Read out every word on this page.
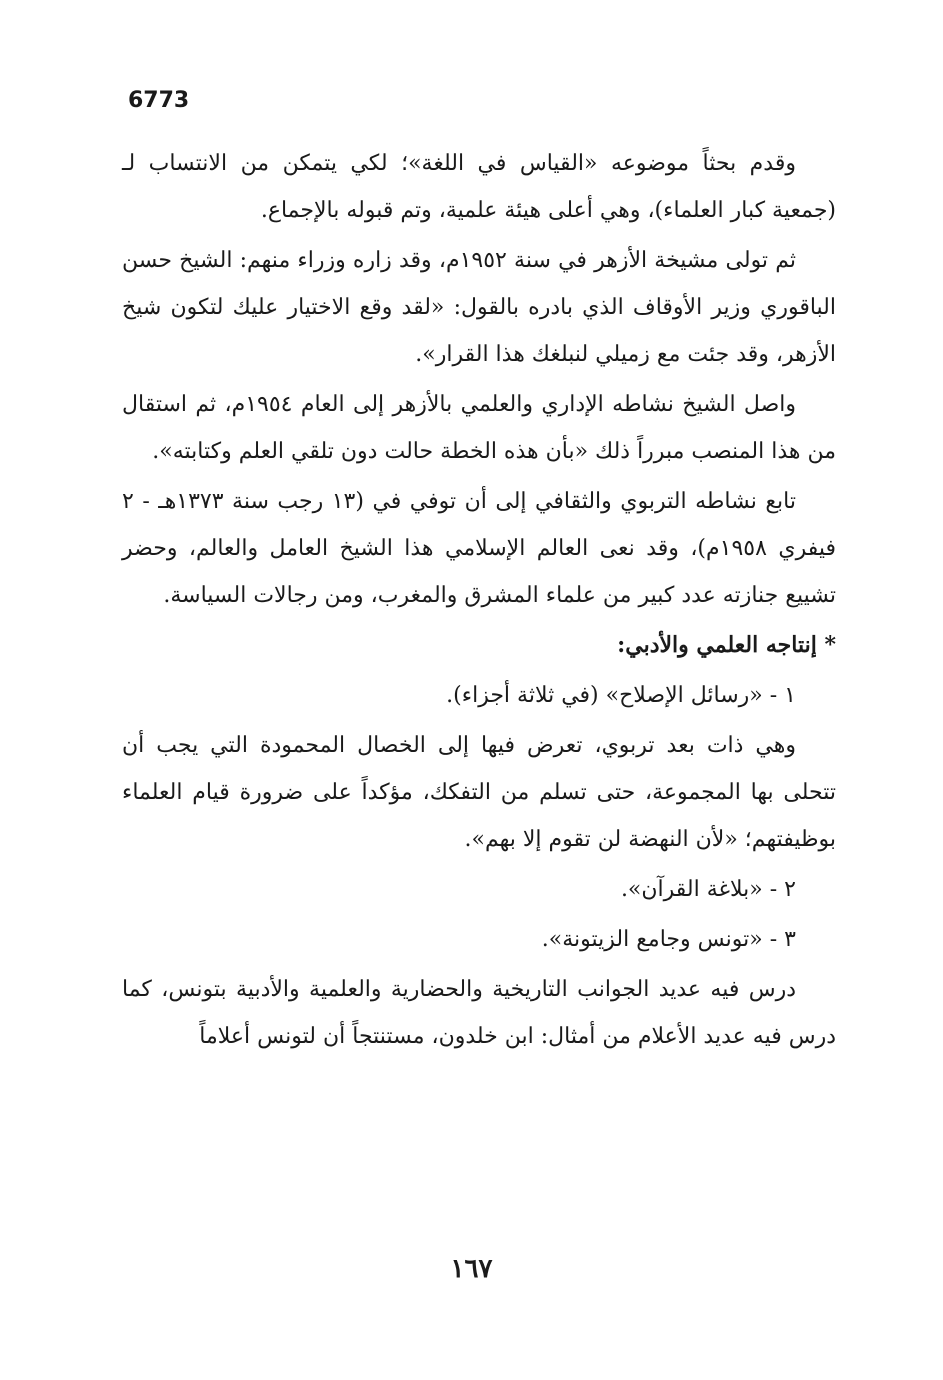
6773

وقدم بحثاً موضوعه «القياس في اللغة»؛ لكي يتمكن من الانتساب لـ (جمعية كبار العلماء)، وهي أعلى هيئة علمية، وتم قبوله بالإجماع.

ثم تولى مشيخة الأزهر في سنة ١٩٥٢م، وقد زاره وزراء منهم: الشيخ حسن الباقوري وزير الأوقاف الذي بادره بالقول: «لقد وقع الاختيار عليك لتكون شيخ الأزهر، وقد جئت مع زميلي لنبلغك هذا القرار».

واصل الشيخ نشاطه الإداري والعلمي بالأزهر إلى العام ١٩٥٤م، ثم استقال من هذا المنصب مبرراً ذلك «بأن هذه الخطة حالت دون تلقي العلم وكتابته».

تابع نشاطه التربوي والثقافي إلى أن توفي في (١٣ رجب سنة ١٣٧٣هـ - ٢ فيفري ١٩٥٨م)، وقد نعى العالم الإسلامي هذا الشيخ العامل والعالم، وحضر تشييع جنازته عدد كبير من علماء المشرق والمغرب، ومن رجالات السياسة.

* إنتاجه العلمي والأدبي:

١ - «رسائل الإصلاح» (في ثلاثة أجزاء).

وهي ذات بعد تربوي، تعرض فيها إلى الخصال المحمودة التي يجب أن تتحلى بها المجموعة، حتى تسلم من التفكك، مؤكداً على ضرورة قيام العلماء بوظيفتهم؛ «لأن النهضة لن تقوم إلا بهم».

٢ - «بلاغة القرآن».

٣ - «تونس وجامع الزيتونة».

درس فيه عديد الجوانب التاريخية والحضارية والعلمية والأدبية بتونس، كما درس فيه عديد الأعلام من أمثال: ابن خلدون، مستنتجاً أن لتونس أعلاماً

١٦٧
